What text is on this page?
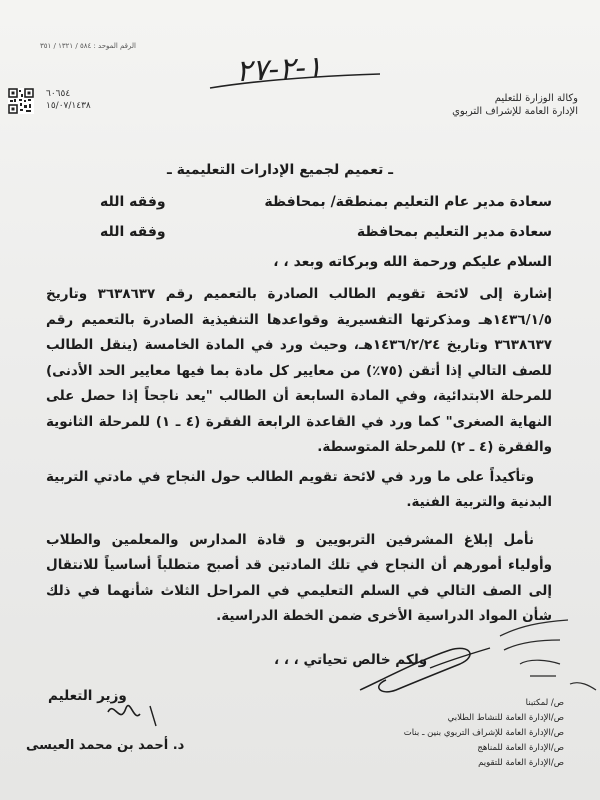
الرقم الموحد : ٥٨٤ / ١٣٢١ / ٣٥١
٦٠٦٥٤
١٥/٠٧/١٤٣٨
وكالة الوزارة للتعليم
الإدارة العامة للإشراف التربوي
١-٢-٢٧
ـ تعميم لجميع الإدارات التعليمية ـ
سعادة مدير عام التعليم بمنطقة/ بمحافظة
وفقه الله
سعادة مدير التعليم بمحافظة
وفقه الله
السلام عليكم ورحمة الله وبركاته وبعد ، ،

إشارة إلى لائحة تقويم الطالب الصادرة بالتعميم رقم ٣٦٣٨٦٣٧ وتاريخ ١٤٣٦/١/٥هـ ومذكرتها التفسيرية وقواعدها التنفيذية الصادرة بالتعميم رقم ٣٦٣٨٦٣٧ وتاريخ ١٤٣٦/٢/٢٤هـ، وحيث ورد في المادة الخامسة (ينقل الطالب للصف التالي إذا أتقن (٧٥٪) من معايير كل مادة بما فيها معايير الحد الأدنى) للمرحلة الابتدائية، وفي المادة السابعة أن الطالب "يعد ناجحاً إذا حصل على النهاية الصغرى" كما ورد في القاعدة الرابعة الفقرة (٤ ـ ١) للمرحلة الثانوية والفقرة (٤ ـ ٢) للمرحلة المتوسطة.

وتأكيداً على ما ورد في لائحة تقويم الطالب حول النجاح في مادتي التربية البدنية والتربية الفنية.

نأمل إبلاغ المشرفين التربويين و قادة المدارس والمعلمين والطلاب وأولياء أمورهم أن النجاح في تلك المادتين قد أصبح متطلباً أساسياً للانتقال إلى الصف التالي في السلم التعليمي في المراحل الثلاث شأنهما في ذلك شأن المواد الدراسية الأخرى ضمن الخطة الدراسية.

ولكم خالص تحياتي ، ، ،
وزير التعليم
د. أحمد بن محمد العيسى
ص/ لمكتبنا
ص/الإدارة العامة للنشاط الطلابي
ص/الإدارة العامة للإشراف التربوي بنين ـ بنات
ص/الإدارة العامة للمناهج
ص/الإدارة العامة للتقويم
